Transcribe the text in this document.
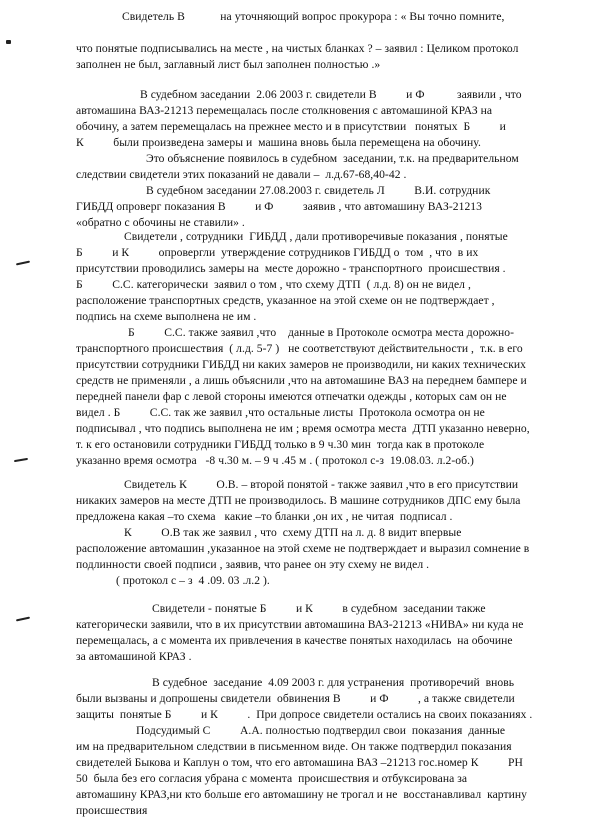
Свидетель В            на уточняющий вопрос прокурора : « Вы точно помните,
что понятые подписывались на месте , на чистых бланках ? – заявил : Целиком протокол
заполнен не был, заглавный лист был заполнен полностью .»
В судебном заседании  2.06 2003 г. свидетели В          и Ф           заявили , что
автомашина ВАЗ-21213 перемещалась после столкновения с автомашиной КРАЗ на
обочину, а затем перемещалась на прежнее место и в присутствии   понятых  Б          и
К          были произведена замеры и  машина вновь была перемещена на обочину.
Это объяснение появилось в судебном  заседании, т.к. на предварительном
следствии свидетели этих показаний не давали –  л.д.67-68,40-42 .
В судебном заседании 27.08.2003 г. свидетель Л          В.И. сотрудник
ГИБДД опроверг показания В          и Ф          заявив , что автомашину ВАЗ-21213
«обратно с обочины не ставили» .
Свидетели , сотрудники  ГИБДД , дали противоречивые показания , понятые
Б          и К          опровергли  утверждение сотрудников ГИБДД о  том  , что  в их
присутствии проводились замеры на  месте дорожно - транспортного  происшествия .
Б          С.С. категорически  заявил о том , что схему ДТП  ( л.д. 8) он не видел ,
расположение транспортных средств, указанное на этой схеме он не подтверждает ,
подпись на схеме выполнена не им .
Б          С.С. также заявил ,что    данные в Протоколе осмотра места дорожно-
транспортного происшествия  ( л.д. 5-7 )   не соответствуют действительности ,  т.к. в его
присутствии сотрудники ГИБДД ни каких замеров не производили, ни каких технических
средств не применяли , а лишь объяснили ,что на автомашине ВАЗ на переднем бампере и
передней панели фар с левой стороны имеются отпечатки одежды , которых сам он не
видел . Б          С.С. так же заявил ,что остальные листы  Протокола осмотра он не
подписывал , что подпись выполнена не им ; время осмотра места  ДТП указанно неверно,
т. к его остановили сотрудники ГИБДД только в 9 ч.30 мин  тогда как в протоколе
указанно время осмотра   -8 ч.30 м. – 9 ч .45 м . ( протокол с-з  19.08.03. л.2-об.)
Свидетель К          О.В. – второй понятой - также заявил ,что в его присутствии
никаких замеров на месте ДТП не производилось. В машине сотрудников ДПС ему была
предложена какая –то схема   какие –то бланки ,он их , не читая  подписал .
К          О.В так же заявил , что  схему ДТП на л. д. 8 видит впервые
расположение автомашин ,указанное на этой схеме не подтверждает и выразил сомнение в
подлинности своей подписи , заявив, что ранее он эту схему не видел .
( протокол с – з  4 .09. 03 .л.2 ).
Свидетели - понятые Б          и К          в судебном  заседании также
категорически заявили, что в их присутствии автомашина ВАЗ-21213 «НИВА» ни куда не
перемещалась, а с момента их привлечения в качестве понятых находилась  на обочине
за автомашиной КРАЗ .
В судебное  заседание  4.09 2003 г. для устранения  противоречий  вновь
были вызваны и допрошены свидетели  обвинения В          и Ф          , а также свидетели
защиты  понятые Б          и К          .  При допросе свидетели остались на своих показаниях .
Подсудимый С          А.А. полностью подтвердил свои  показания  данные
им на предварительном следствии в письменном виде. Он также подтвердил показания
свидетелей Быкова и Каплун о том, что его автомашина ВАЗ –21213 гос.номер К          РН
50  была без его согласия убрана с момента  происшествия и отбуксирована за
автомашину КРАЗ,ни кто больше его автомашину не трогал и не  восстанавливал  картину
происшествия
